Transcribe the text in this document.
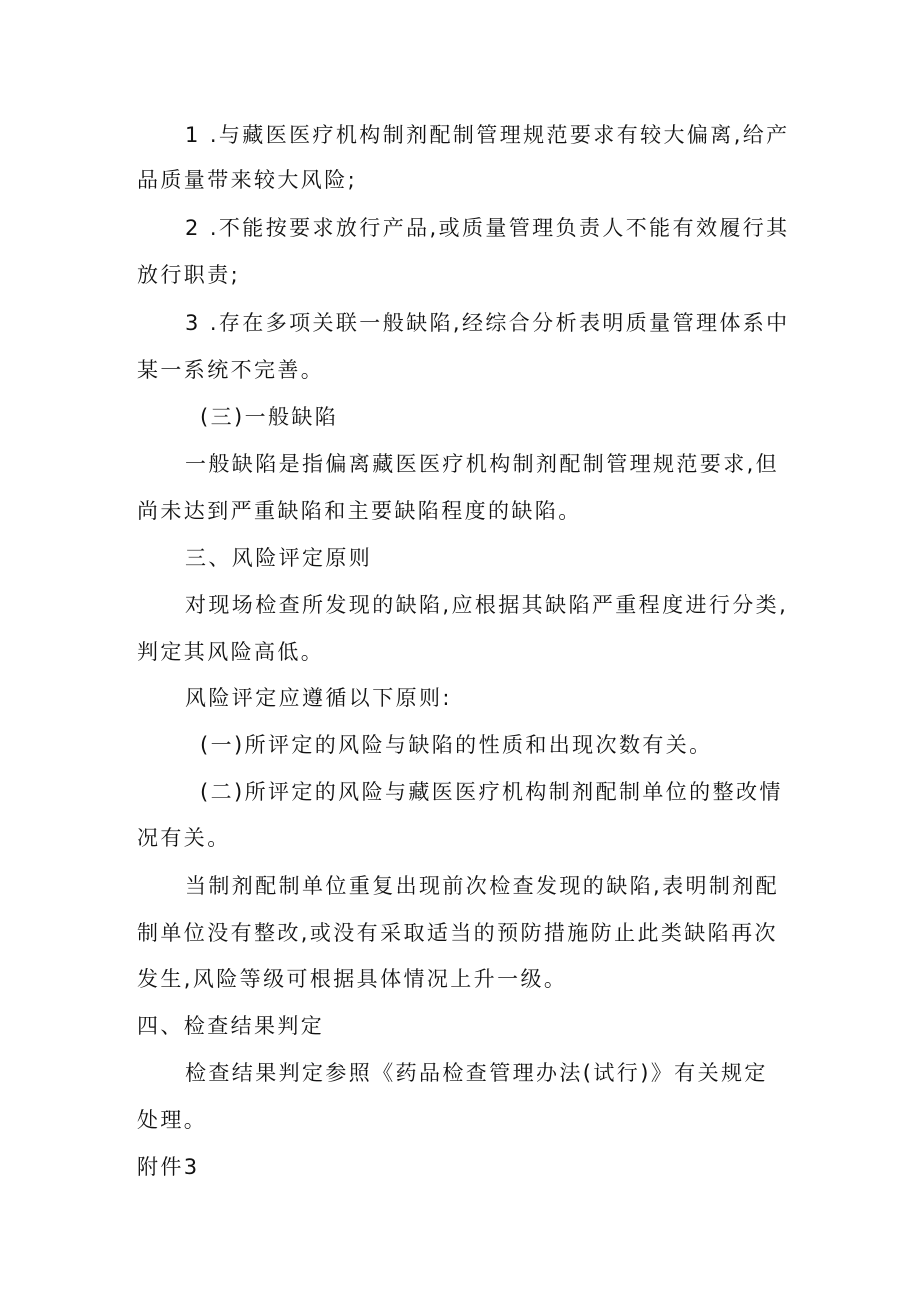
1 .与藏医医疗机构制剂配制管理规范要求有较大偏离,给产
品质量带来较大风险;
2 .不能按要求放行产品,或质量管理负责人不能有效履行其
放行职责;
3 .存在多项关联一般缺陷,经综合分析表明质量管理体系中
某一系统不完善。
(三)一般缺陷
一般缺陷是指偏离藏医医疗机构制剂配制管理规范要求,但
尚未达到严重缺陷和主要缺陷程度的缺陷。
三、风险评定原则
对现场检查所发现的缺陷,应根据其缺陷严重程度进行分类,
判定其风险高低。
风险评定应遵循以下原则:
(一)所评定的风险与缺陷的性质和出现次数有关。
(二)所评定的风险与藏医医疗机构制剂配制单位的整改情
况有关。
当制剂配制单位重复出现前次检查发现的缺陷,表明制剂配
制单位没有整改,或没有采取适当的预防措施防止此类缺陷再次
发生,风险等级可根据具体情况上升一级。
四、检查结果判定
检查结果判定参照《药品检查管理办法(试行)》有关规定
处理。
附件3
